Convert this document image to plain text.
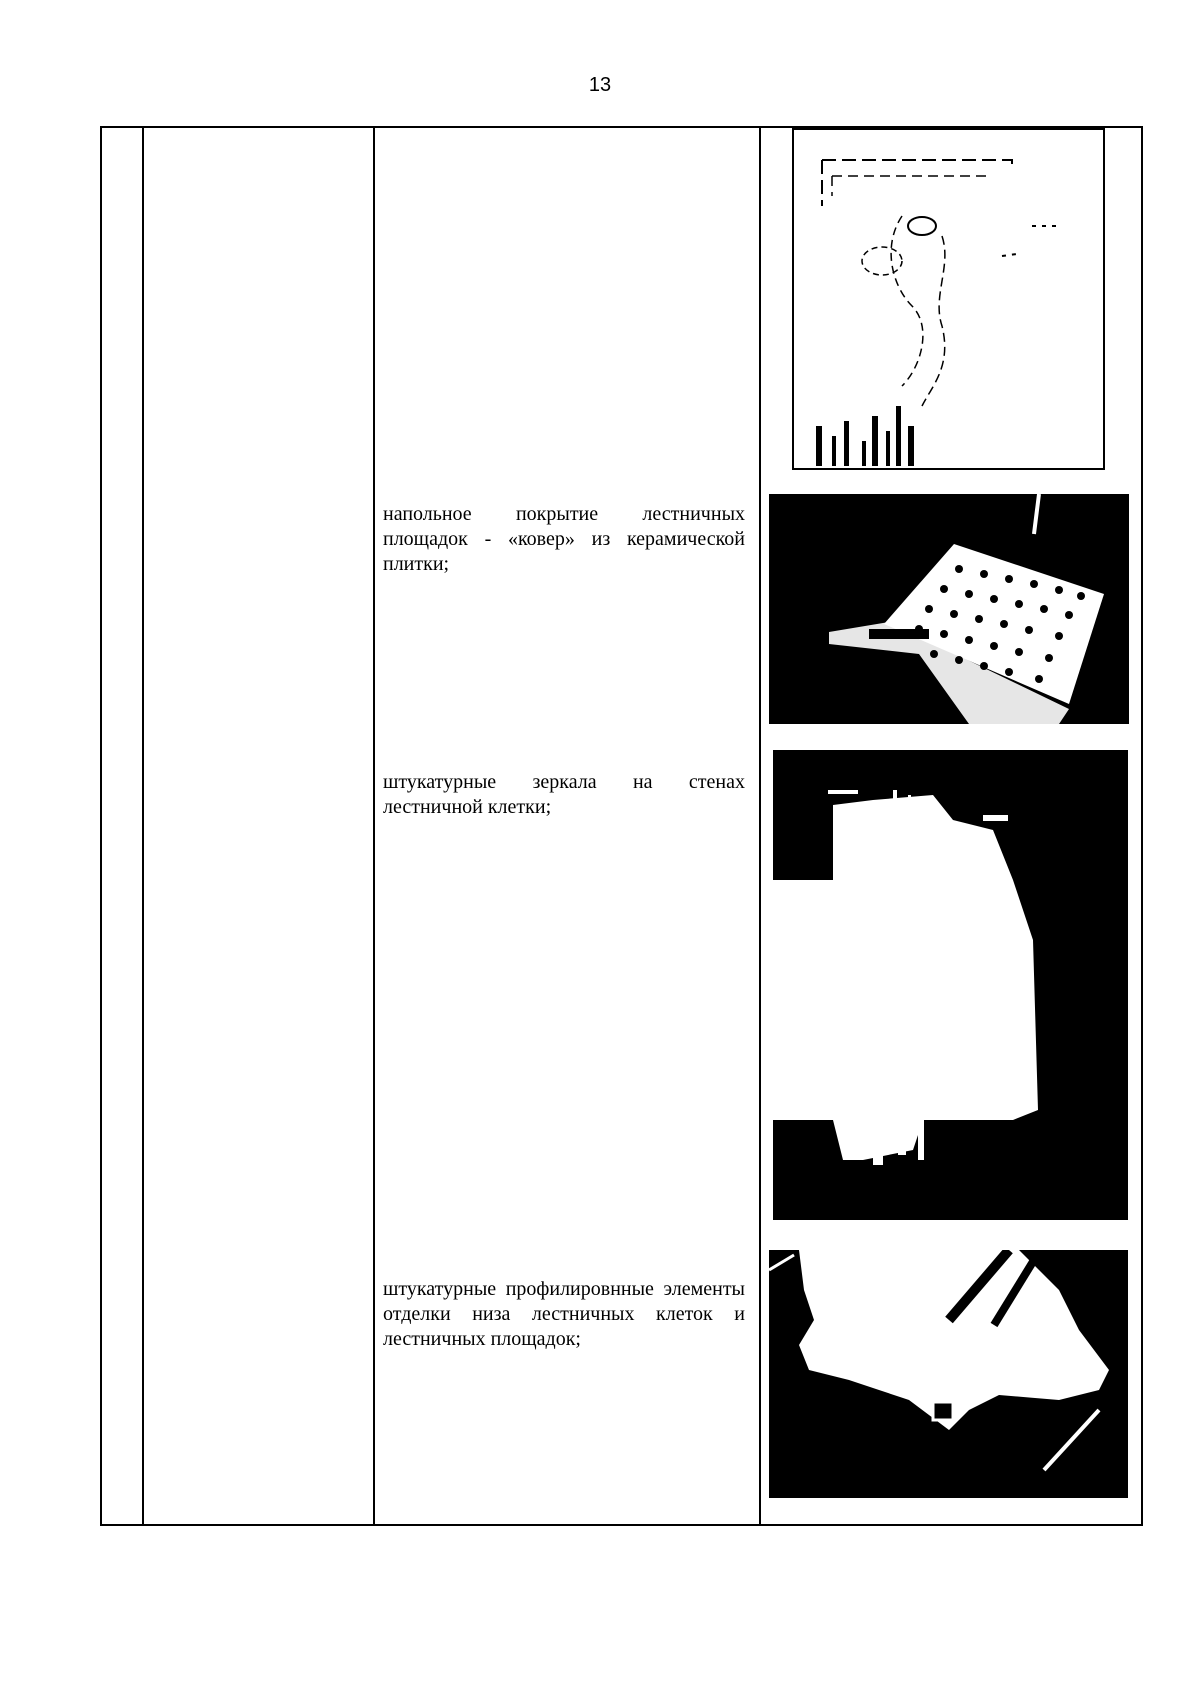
13
напольное покрытие лестничных площадок - «ковер» из керамической плитки;
штукатурные зеркала на стенах лестничной клетки;
штукатурные профилировнные элементы отделки низа лестничных клеток и лестничных площадок;
